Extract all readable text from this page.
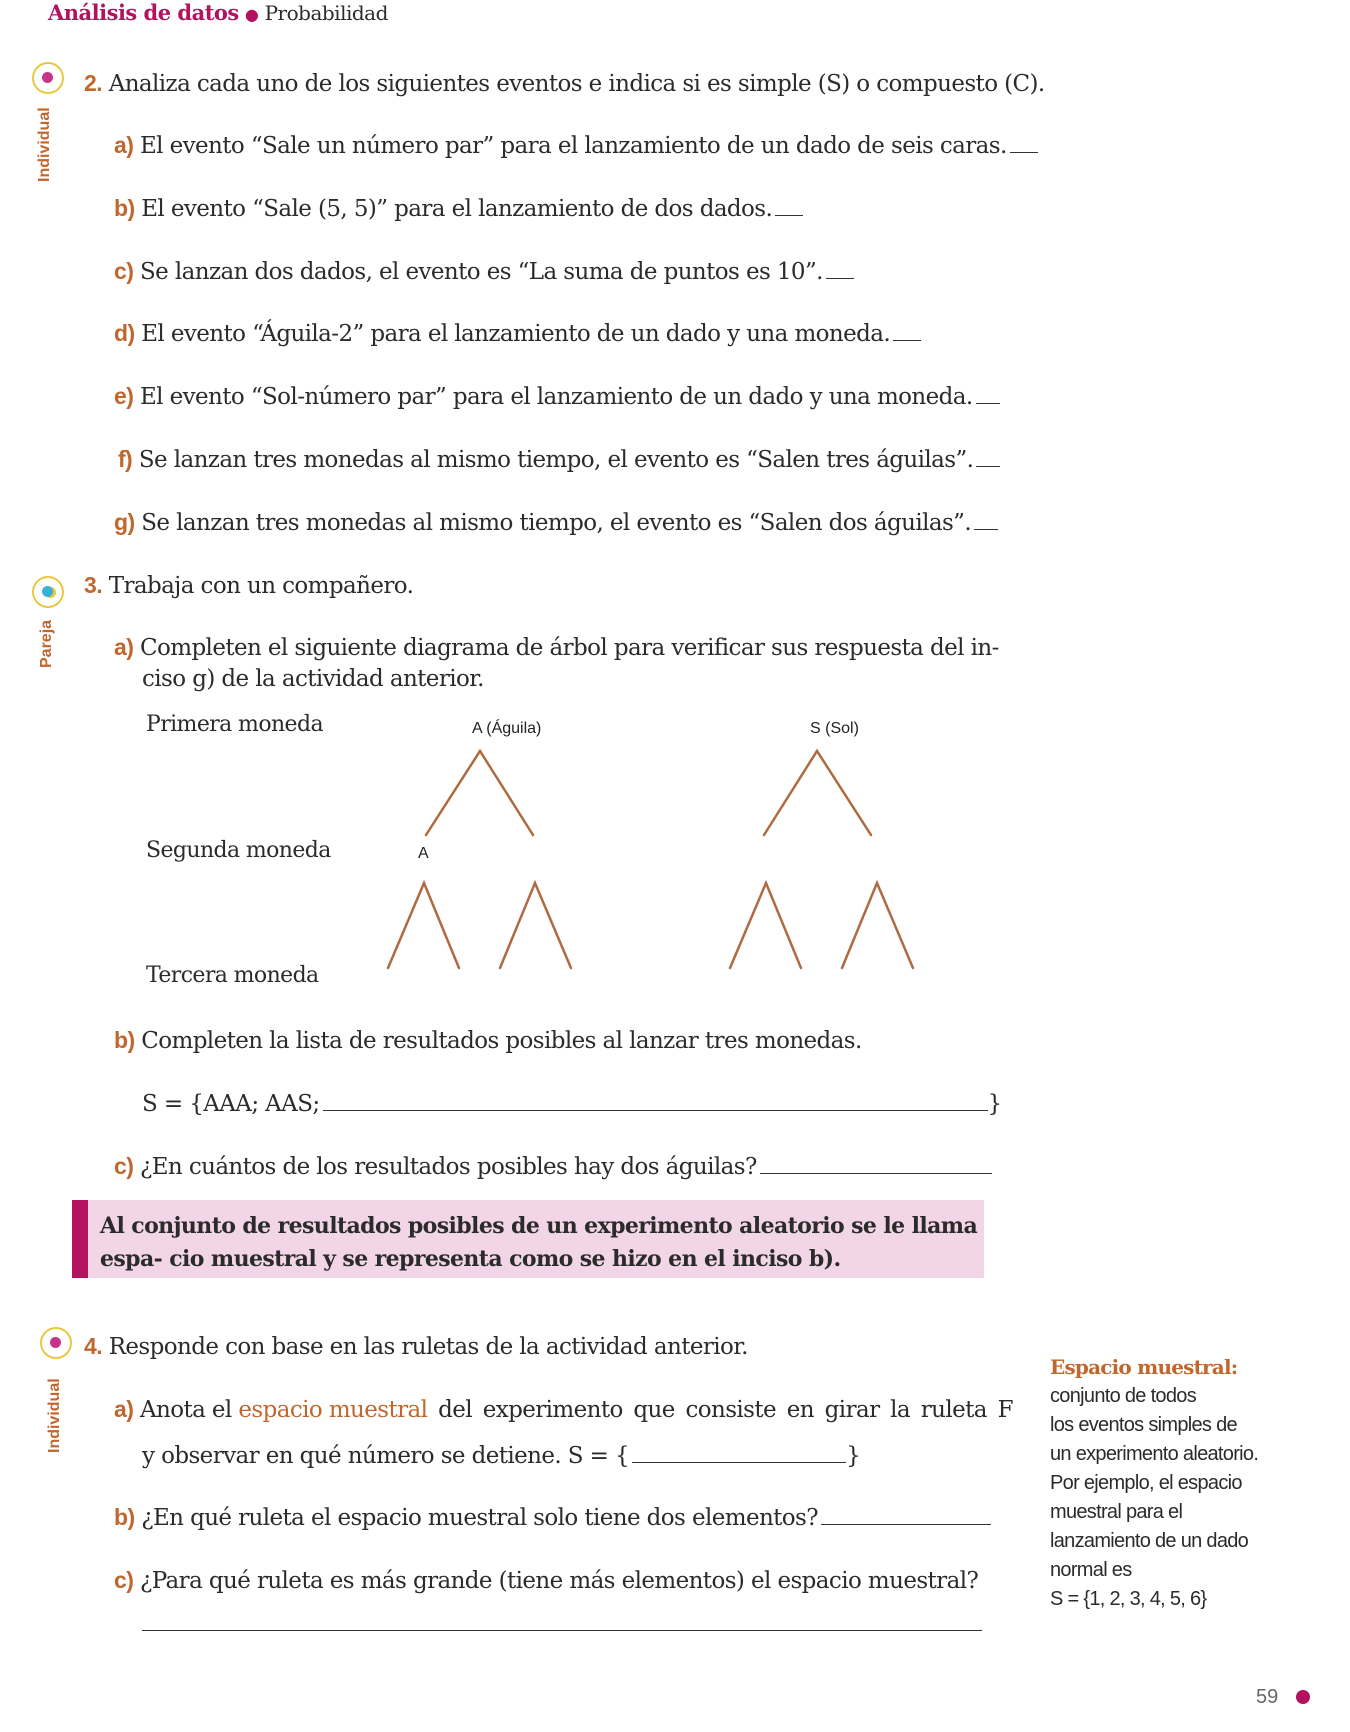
Análisis de datos ● Probabilidad
Individual
2. Analiza cada uno de los siguientes eventos e indica si es simple (S) o compuesto (C).
a) El evento “Sale un número par” para el lanzamiento de un dado de seis caras.
b) El evento “Sale (5, 5)” para el lanzamiento de dos dados.
c) Se lanzan dos dados, el evento es “La suma de puntos es 10”.
d) El evento “Águila-2” para el lanzamiento de un dado y una moneda.
e) El evento “Sol-número par” para el lanzamiento de un dado y una moneda.
f) Se lanzan tres monedas al mismo tiempo, el evento es “Salen tres águilas”.
g) Se lanzan tres monedas al mismo tiempo, el evento es “Salen dos águilas”.
Pareja
3. Trabaja con un compañero.
a) Completen el siguiente diagrama de árbol para verificar sus respuesta del in-
ciso g) de la actividad anterior.
Primera moneda
Segunda moneda
Tercera moneda
A (Águila)	S (Sol)
A
b) Completen la lista de resultados posibles al lanzar tres monedas.
S = {AAA; AAS;	}
c) ¿En cuántos de los resultados posibles hay dos águilas?
Al conjunto de resultados posibles de un experimento aleatorio se le llama espa- cio muestral y se representa como se hizo en el inciso b).
Individual
4. Responde con base en las ruletas de la actividad anterior.
a) Anota el espacio muestral del experimento que consiste en girar la ruleta F
y observar en qué número se detiene. S = {	}
b) ¿En qué ruleta el espacio muestral solo tiene dos elementos?
c) ¿Para qué ruleta es más grande (tiene más elementos) el espacio muestral?
Espacio muestral:
conjunto de todos
los eventos simples de
un experimento aleatorio.
Por ejemplo, el espacio
muestral para el
lanzamiento de un dado
normal es
S = {1, 2, 3, 4, 5, 6}
59
